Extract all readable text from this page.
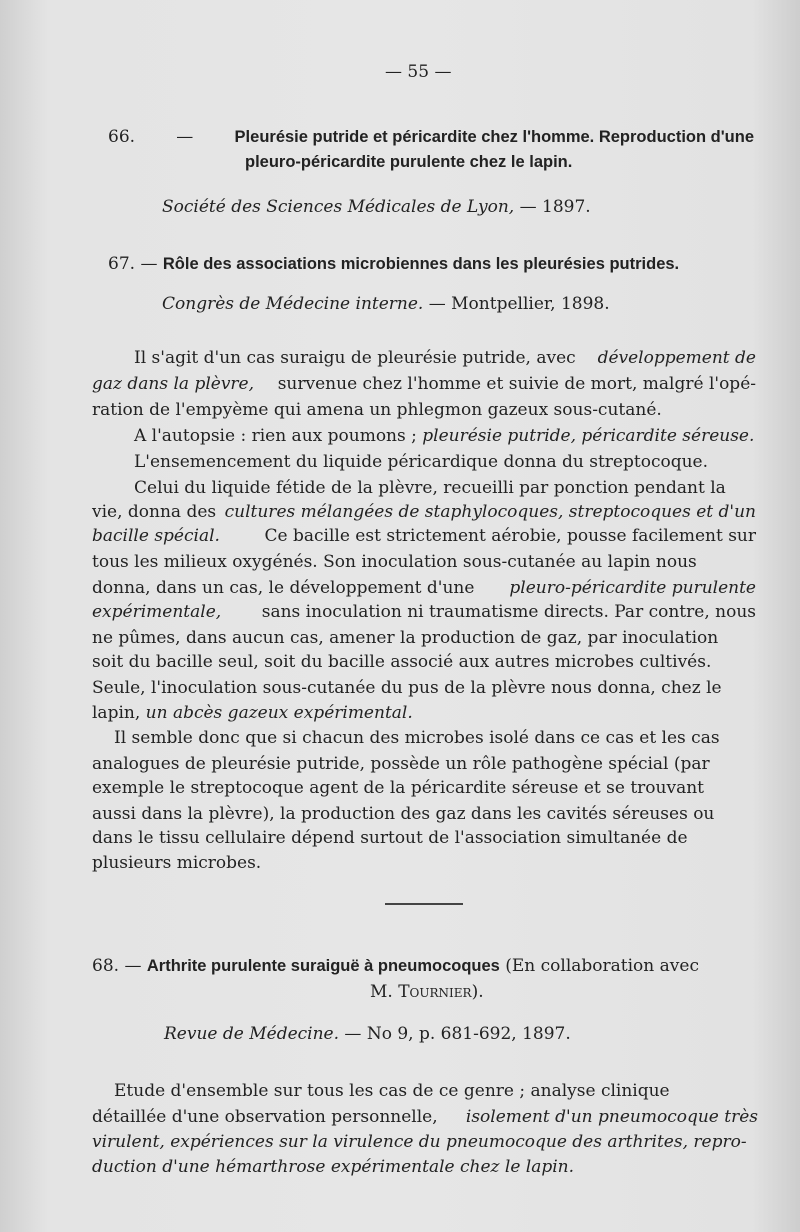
— 55 —
66. —	Pleurésie putride et péricardite chez l'homme. Reproduction d'une
pleuro-péricardite purulente chez le lapin.
Société des Sciences Médicales de Lyon, — 1897.
67. — Rôle des associations microbiennes dans les pleurésies putrides.
Congrès de Médecine interne. — Montpellier, 1898.
Il s'agit d'un cas suraigu de pleurésie putride, avec développement de
gaz dans la plèvre, survenue chez l'homme et suivie de mort, malgré l'opé-
ration de l'empyème qui amena un phlegmon gazeux sous-cutané.
A l'autopsie : rien aux poumons ; pleurésie putride, péricardite séreuse.
L'ensemencement du liquide péricardique donna du streptocoque.
Celui du liquide fétide de la plèvre, recueilli par ponction pendant la
vie, donna des cultures mélangées de staphylocoques, streptocoques et d'un
bacille spécial.	Ce bacille est strictement aérobie, pousse facilement sur
tous les milieux oxygénés. Son inoculation sous-cutanée au lapin nous
donna, dans un cas, le développement d'une pleuro-péricardite purulente
expérimentale, sans inoculation ni traumatisme directs. Par contre, nous
ne pûmes, dans aucun cas, amener la production de gaz, par inoculation
soit du bacille seul, soit du bacille associé aux autres microbes cultivés.
Seule, l'inoculation sous-cutanée du pus de la plèvre nous donna, chez le
lapin, un abcès gazeux expérimental.
Il semble donc que si chacun des microbes isolé dans ce cas et les cas
analogues de pleurésie putride, possède un rôle pathogène spécial (par
exemple le streptocoque agent de la péricardite séreuse et se trouvant
aussi dans la plèvre), la production des gaz dans les cavités séreuses ou
dans le tissu cellulaire dépend surtout de l'association simultanée de
plusieurs microbes.
68. — Arthrite purulente suraiguë à pneumocoques (En collaboration avec
M. Tournier).
Revue de Médecine. — No 9, p. 681-692, 1897.
Etude d'ensemble sur tous les cas de ce genre ; analyse clinique
détaillée d'une observation personnelle, isolement d'un pneumocoque très
virulent, expériences sur la virulence du pneumocoque des arthrites, repro-
duction d'une hémarthrose expérimentale chez le lapin.
